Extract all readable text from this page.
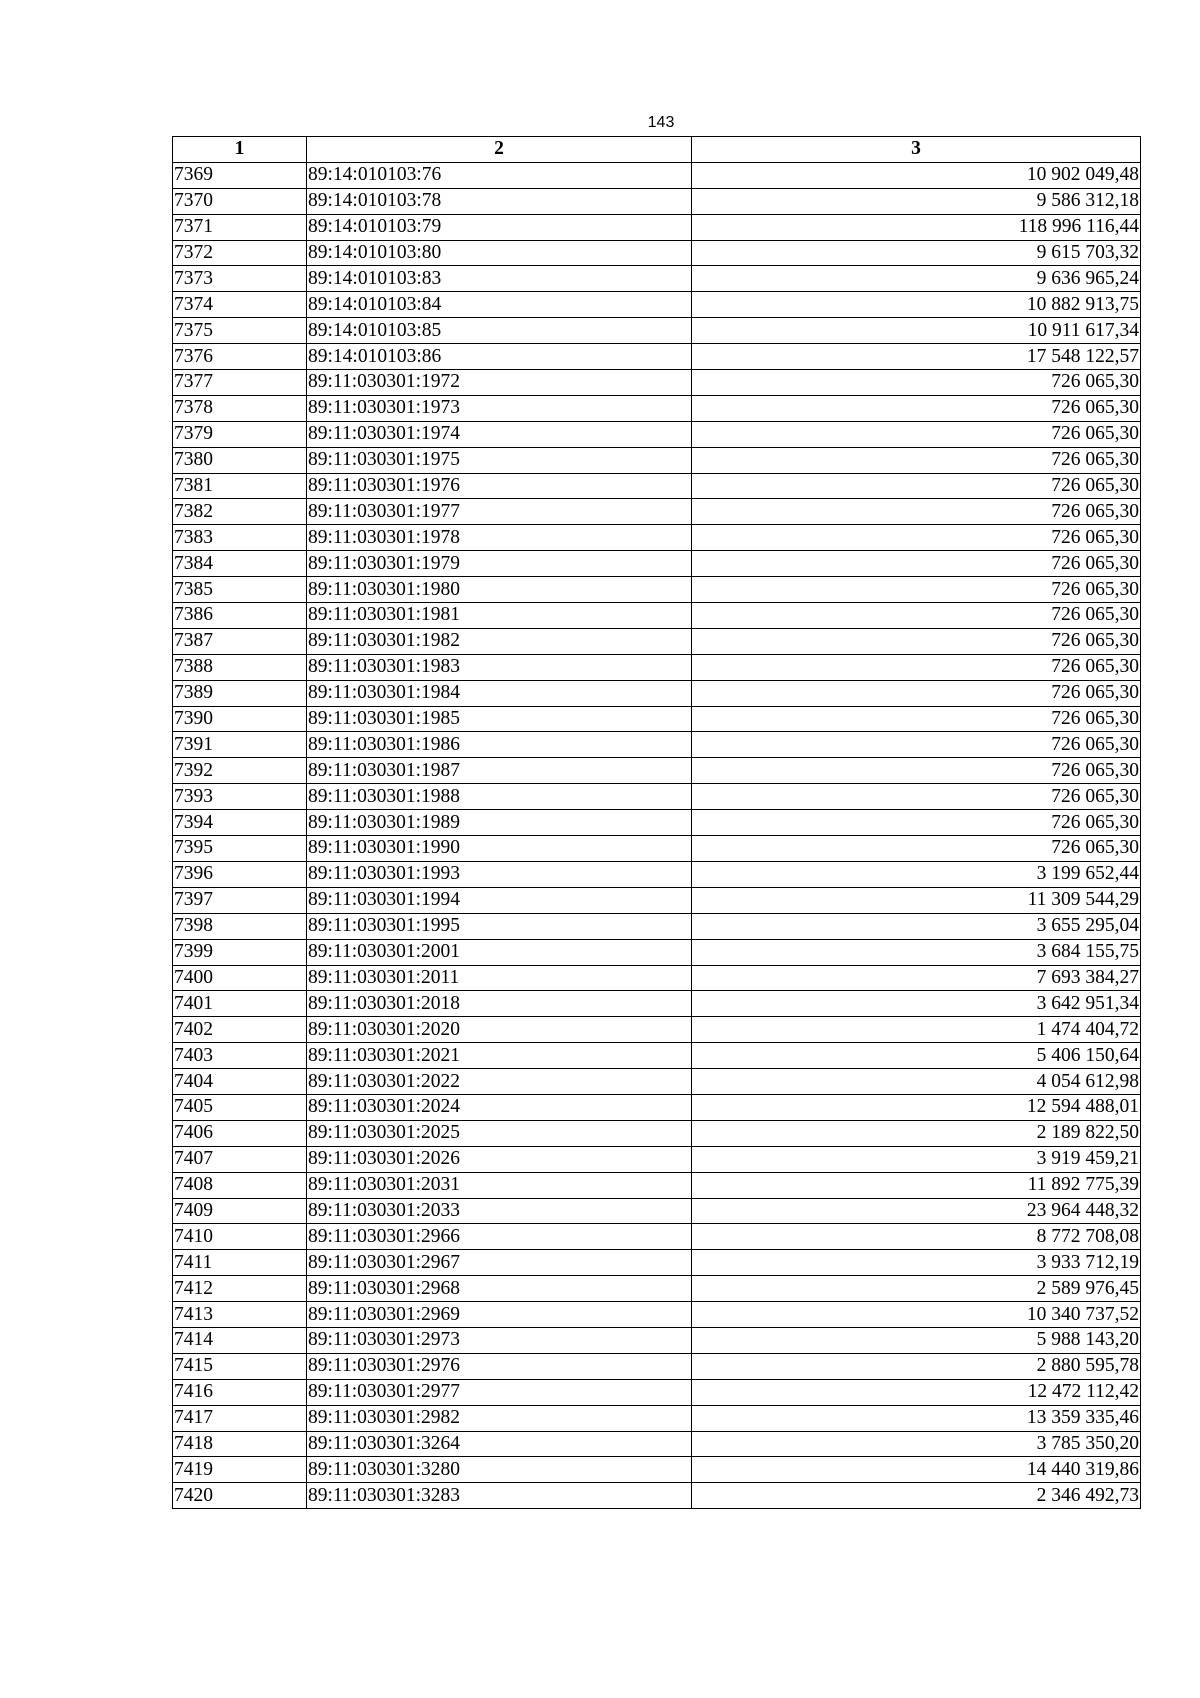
143
1	2	3
7369	89:14:010103:76	10 902 049,48
7370	89:14:010103:78	9 586 312,18
7371	89:14:010103:79	118 996 116,44
7372	89:14:010103:80	9 615 703,32
7373	89:14:010103:83	9 636 965,24
7374	89:14:010103:84	10 882 913,75
7375	89:14:010103:85	10 911 617,34
7376	89:14:010103:86	17 548 122,57
7377	89:11:030301:1972	726 065,30
7378	89:11:030301:1973	726 065,30
7379	89:11:030301:1974	726 065,30
7380	89:11:030301:1975	726 065,30
7381	89:11:030301:1976	726 065,30
7382	89:11:030301:1977	726 065,30
7383	89:11:030301:1978	726 065,30
7384	89:11:030301:1979	726 065,30
7385	89:11:030301:1980	726 065,30
7386	89:11:030301:1981	726 065,30
7387	89:11:030301:1982	726 065,30
7388	89:11:030301:1983	726 065,30
7389	89:11:030301:1984	726 065,30
7390	89:11:030301:1985	726 065,30
7391	89:11:030301:1986	726 065,30
7392	89:11:030301:1987	726 065,30
7393	89:11:030301:1988	726 065,30
7394	89:11:030301:1989	726 065,30
7395	89:11:030301:1990	726 065,30
7396	89:11:030301:1993	3 199 652,44
7397	89:11:030301:1994	11 309 544,29
7398	89:11:030301:1995	3 655 295,04
7399	89:11:030301:2001	3 684 155,75
7400	89:11:030301:2011	7 693 384,27
7401	89:11:030301:2018	3 642 951,34
7402	89:11:030301:2020	1 474 404,72
7403	89:11:030301:2021	5 406 150,64
7404	89:11:030301:2022	4 054 612,98
7405	89:11:030301:2024	12 594 488,01
7406	89:11:030301:2025	2 189 822,50
7407	89:11:030301:2026	3 919 459,21
7408	89:11:030301:2031	11 892 775,39
7409	89:11:030301:2033	23 964 448,32
7410	89:11:030301:2966	8 772 708,08
7411	89:11:030301:2967	3 933 712,19
7412	89:11:030301:2968	2 589 976,45
7413	89:11:030301:2969	10 340 737,52
7414	89:11:030301:2973	5 988 143,20
7415	89:11:030301:2976	2 880 595,78
7416	89:11:030301:2977	12 472 112,42
7417	89:11:030301:2982	13 359 335,46
7418	89:11:030301:3264	3 785 350,20
7419	89:11:030301:3280	14 440 319,86
7420	89:11:030301:3283	2 346 492,73
